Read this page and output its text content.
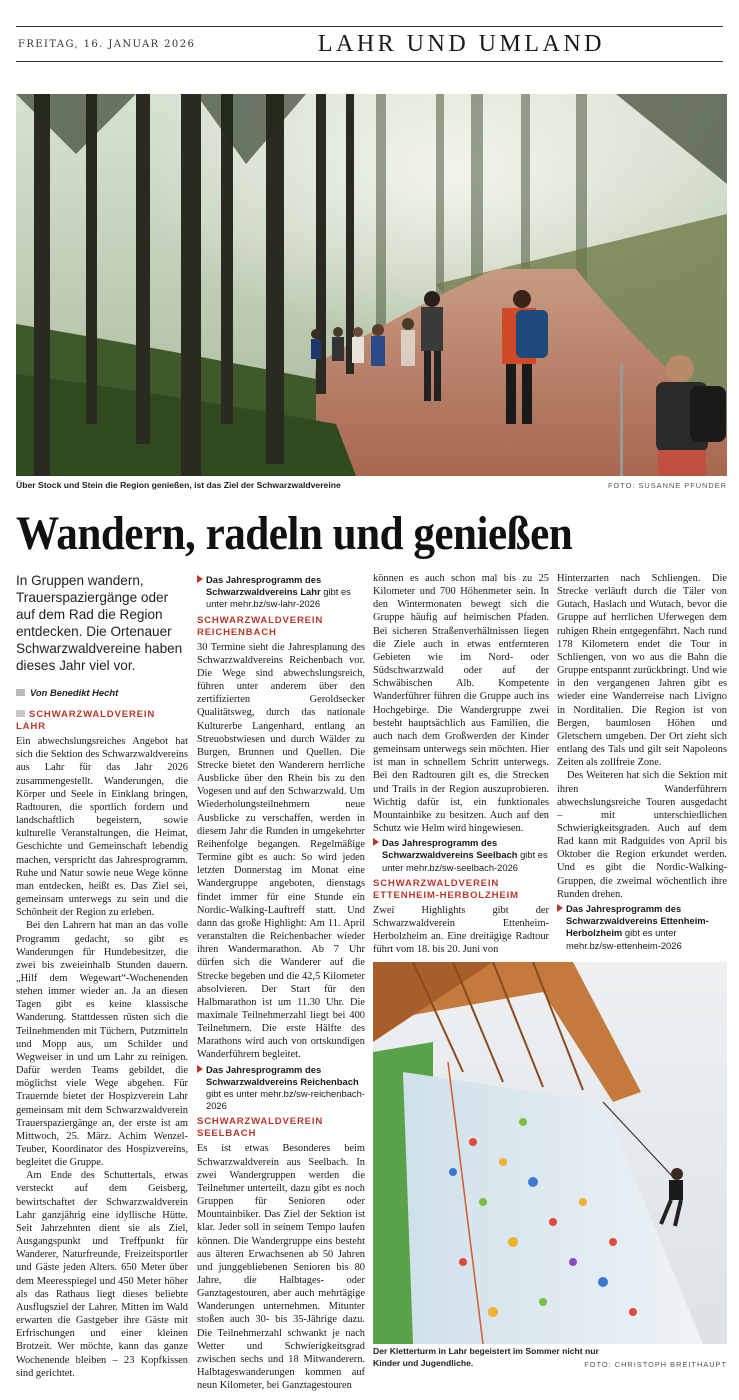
FREITAG, 16. JANUAR 2026	LAHR UND UMLAND
Über Stock und Stein die Region genießen, ist das Ziel der Schwarzwaldvereine	FOTO: SUSANNE PFUNDER
Wandern, radeln und genießen
In Gruppen wandern, Trauerspaziergänge oder auf dem Rad die Region entdecken. Die Ortenauer Schwarzwaldvereine haben dieses Jahr viel vor.
Von Benedikt Hecht
SCHWARZWALDVEREIN LAHR
Ein abwechslungsreiches Angebot hat sich die Sektion des Schwarzwaldvereins aus Lahr für das Jahr 2026 zusammengestellt. Wanderungen, die Körper und Seele in Einklang bringen, Radtouren, die sportlich fordern und landschaftlich begeistern, sowie kulturelle Veranstaltungen, die Heimat, Geschichte und Gemeinschaft lebendig machen, verspricht das Jahresprogramm. Ruhe und Natur sowie neue Wege könne man entdecken, heißt es. Das Ziel sei, gemeinsam unterwegs zu sein und die Schönheit der Region zu erleben.
Bei den Lahrern hat man an das volle Programm gedacht, so gibt es Wanderungen für Hundebesitzer, die zwei bis zweieinhalb Stunden dauern. „Hilf dem Wegewart“-Wochenenden stehen immer wieder an. Ja an diesen Tagen gibt es keine klassische Wanderung. Stattdessen rüsten sich die Teilnehmenden mit Tüchern, Putzmitteln und Mopp aus, um Schilder und Wegweiser in und um Lahr zu reinigen. Dafür werden Teams gebildet, die möglichst viele Wege abgehen. Für Trauernde bietet der Hospizverein Lahr gemeinsam mit dem Schwarzwaldverein Trauerspaziergänge an, der erste ist am Mittwoch, 25. März. Achim Wenzel-Teuber, Koordinator des Hospizvereins, begleitet die Gruppe.
Am Ende des Schuttertals, etwas versteckt auf dem Geisberg, bewirtschaftet der Schwarzwaldverein Lahr ganzjährig eine idyllische Hütte. Seit Jahrzehnten dient sie als Ziel, Ausgangspunkt und Treffpunkt für Wanderer, Naturfreunde, Freizeitsportler und Gäste jeden Alters. 650 Meter über dem Meeresspiegel und 450 Meter höher als das Rathaus liegt dieses beliebte Ausflugsziel der Lahrer. Mitten im Wald erwarten die Gastgeber ihre Gäste mit Erfrischungen und einer kleinen Brotzeit. Wer möchte, kann das ganze Wochenende bleiben – 23 Kopfkissen sind gerichtet.
Das Jahresprogramm des Schwarzwaldvereins Lahr gibt es unter mehr.bz/sw-lahr-2026
SCHWARZWALDVEREIN REICHENBACH
30 Termine sieht die Jahresplanung des Schwarzwaldvereins Reichenbach vor. Die Wege sind abwechslungsreich, führen unter anderem über den zertifizierten Geroldsecker Qualitätsweg, durch das nationale Kulturerbe Langenhard, entlang an Streuobstwiesen und durch Wälder zu Burgen, Brunnen und Quellen. Die Strecke bietet den Wanderern herrliche Ausblicke über den Rhein bis zu den Vogesen und auf den Schwarzwald. Um Wiederholungsteilnehmern neue Ausblicke zu verschaffen, werden in diesem Jahr die Runden in umgekehrter Reihenfolge begangen. Regelmäßige Termine gibt es auch: So wird jeden letzten Donnerstag im Monat eine Wandergruppe angeboten, dienstags findet immer für eine Stunde ein Nordic-Walking-Lauftreff statt. Und dann das große Highlight: Am 11. April veranstalten die Reichenbacher wieder ihren Wandermarathon. Ab 7 Uhr dürfen sich die Wanderer auf die Strecke begeben und die 42,5 Kilometer absolvieren. Der Start für den Halbmarathon ist um 11.30 Uhr. Die maximale Teilnehmerzahl liegt bei 400 Teilnehmern. Die erste Hälfte des Marathons wird auch von ortskundigen Wanderführern begleitet.
Das Jahresprogramm des Schwarzwaldvereins Reichenbach gibt es unter mehr.bz/sw-reichenbach-2026
SCHWARZWALDVEREIN SEELBACH
Es ist etwas Besonderes beim Schwarzwaldverein aus Seelbach. In zwei Wandergruppen werden die Teilnehmer unterteilt, dazu gibt es noch Gruppen für Senioren oder Mountainbiker. Das Ziel der Sektion ist klar. Jeder soll in seinem Tempo laufen können. Die Wandergruppe eins besteht aus älteren Erwachsenen ab 50 Jahren und junggebliebenen Senioren bis 80 Jahre, die Halbtages- oder Ganztagestouren, aber auch mehrtägige Wanderungen unternehmen. Mitunter stoßen auch 30- bis 35-Jährige dazu. Die Teilnehmerzahl schwankt je nach Wetter und Schwierigkeitsgrad zwischen sechs und 18 Mitwanderern. Halbtageswanderungen kommen auf neun Kilometer, bei Ganztagestouren
können es auch schon mal bis zu 25 Kilometer und 700 Höhenmeter sein. In den Wintermonaten bewegt sich die Gruppe häufig auf heimischen Pfaden. Bei sicheren Straßenverhältnissen liegen die Ziele auch in etwas entfernteren Gebieten wie im Nord- oder Südschwarzwald oder auf der Schwäbischen Alb. Kompetente Wanderführer führen die Gruppe auch ins Hochgebirge. Die Wandergruppe zwei besteht hauptsächlich aus Familien, die auch nach dem Großwerden der Kinder gemeinsam unterwegs sein möchten. Hier ist man in schnellem Schritt unterwegs. Bei den Radtouren gilt es, die Strecken und Trails in der Region auszuprobieren. Wichtig dafür ist, ein funktionales Mountainbike zu besitzen. Auch auf den Schutz wie Helm wird hingewiesen.
Das Jahresprogramm des Schwarzwaldvereins Seelbach gibt es unter mehr.bz/sw-seelbach-2026
SCHWARZWALDVEREIN ETTENHEIM-HERBOLZHEIM
Zwei Highlights gibt der Schwarzwaldverein Ettenheim-Herbolzheim an. Eine dreitägige Radtour führt vom 18. bis 20. Juni von
Hinterzarten nach Schliengen. Die Strecke verläuft durch die Täler von Gutach, Haslach und Wutach, bevor die Gruppe auf herrlichen Uferwegen dem ruhigen Rhein entgegenfährt. Nach rund 178 Kilometern endet die Tour in Schliengen, von wo aus die Bahn die Gruppe entspannt zurückbringt. Und wie in den vergangenen Jahren gibt es wieder eine Wanderreise nach Livigno in Norditalien. Die Region ist von Bergen, baumlosen Höhen und Gletschern umgeben. Der Ort zieht sich entlang des Tals und gilt seit Napoleons Zeiten als zollfreie Zone.
Des Weiteren hat sich die Sektion mit ihren Wanderführern abwechslungsreiche Touren ausgedacht – mit unterschiedlichen Schwierigkeitsgraden. Auch auf dem Rad kann mit Radguides von April bis Oktober die Region erkundet werden. Und es gibt die Nordic-Walking-Gruppen, die zweimal wöchentlich ihre Runden drehen.
Das Jahresprogramm des Schwarzwaldvereins Ettenheim-Herbolzheim gibt es unter mehr.bz/sw-ettenheim-2026
Der Kletterturm in Lahr begeistert im Sommer nicht nur Kinder und Jugendliche.	FOTO: CHRISTOPH BREITHAUPT
